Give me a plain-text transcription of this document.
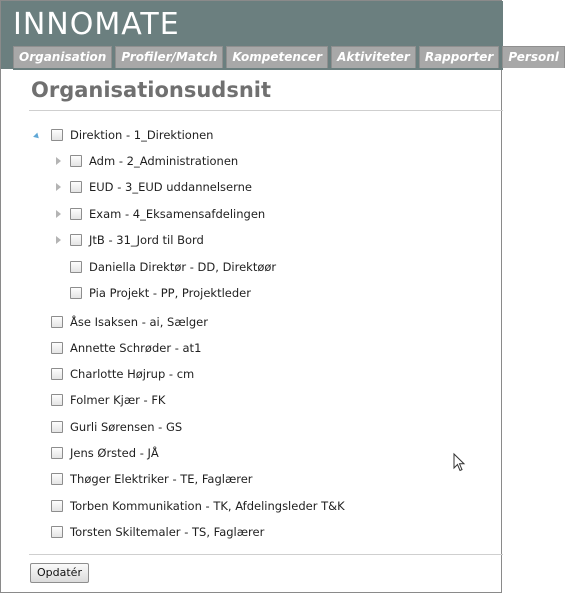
INNOMATE
Organisation	Profiler/Match	Kompetencer	Aktiviteter	Rapporter	Personl
Organisationsudsnit
Direktion - 1_Direktionen
Adm - 2_Administrationen
EUD - 3_EUD uddannelserne
Exam - 4_Eksamensafdelingen
JtB - 31_Jord til Bord
Daniella Direktør - DD, Direktøør
Pia Projekt - PP, Projektleder
Åse Isaksen - ai, Sælger
Annette Schrøder - at1
Charlotte Højrup - cm
Folmer Kjær - FK
Gurli Sørensen - GS
Jens Ørsted - JÅ
Thøger Elektriker - TE, Faglærer
Torben Kommunikation - TK, Afdelingsleder T&K
Torsten Skiltemaler - TS, Faglærer
Opdatér
